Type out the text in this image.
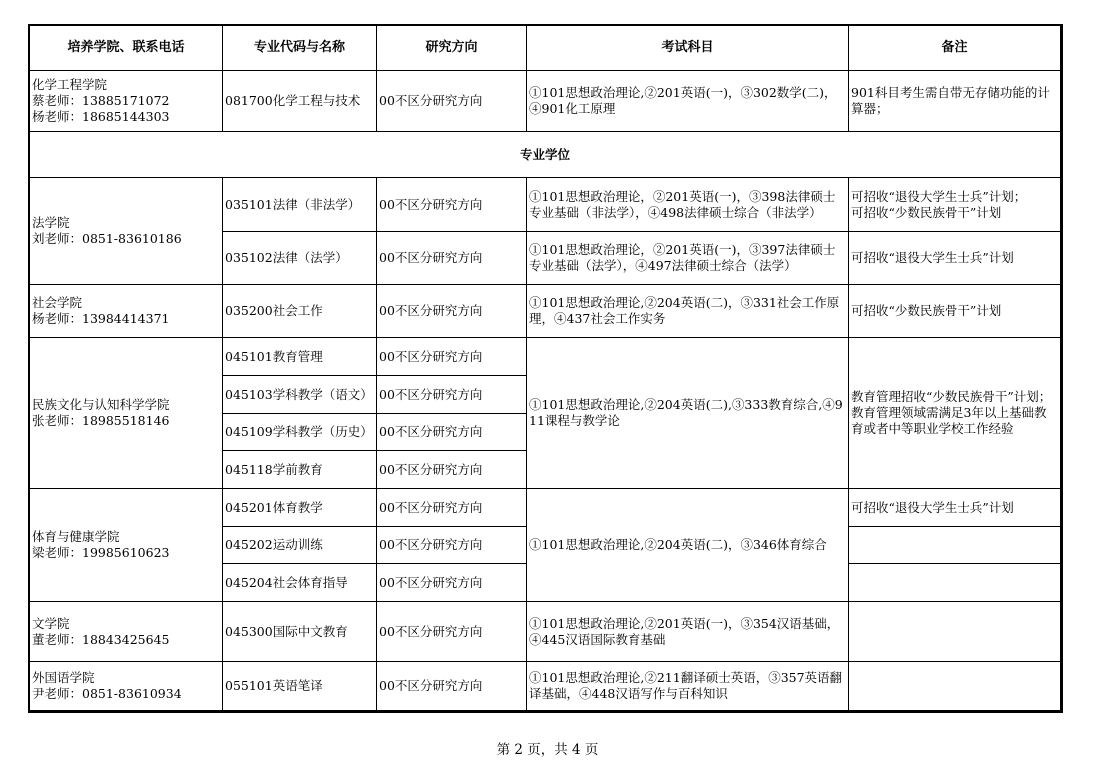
培养学院、联系电话	专业代码与名称	研究方向	考试科目	备注

化学工程学院
蔡老师：13885171072
杨老师：18685144303	081700化学工程与技术	00不区分研究方向	①101思想政治理论,②201英语(一)，③302数学(二)，④901化工原理	901科目考生需自带无存储功能的计算器；
专业学位				

法学院
刘老师：0851-83610186	035101法律（非法学）	00不区分研究方向	①101思想政治理论，②201英语(一)，③398法律硕士专业基础（非法学），④498法律硕士综合（非法学）	可招收“退役大学生士兵”计划；
可招收“少数民族骨干”计划

	035102法律（法学）	00不区分研究方向	①101思想政治理论，②201英语(一)，③397法律硕士专业基础（法学），④497法律硕士综合（法学）	可招收“退役大学生士兵”计划

社会学院
杨老师：13984414371	035200社会工作	00不区分研究方向	①101思想政治理论,②204英语(二)，③331社会工作原理，④437社会工作实务	可招收“少数民族骨干”计划

民族文化与认知科学学院
张老师：18985518146	045101教育管理	00不区分研究方向	①101思想政治理论,②204英语(二),③333教育综合,④911课程与教学论	教育管理招收“少数民族骨干”计划；
教育管理领域需满足3年以上基础教育或者中等职业学校工作经验

	045103学科教学（语文）	00不区分研究方向		
	045109学科教学（历史）	00不区分研究方向		
	045118学前教育	00不区分研究方向		

体育与健康学院
梁老师：19985610623	045201体育教学	00不区分研究方向	①101思想政治理论,②204英语(二)，③346体育综合	可招收“退役大学生士兵”计划
	045202运动训练	00不区分研究方向		
	045204社会体育指导	00不区分研究方向		

文学院
董老师：18843425645	045300国际中文教育	00不区分研究方向	①101思想政治理论,②201英语(一)，③354汉语基础，④445汉语国际教育基础	

外国语学院
尹老师：0851-83610934	055101英语笔译	00不区分研究方向	①101思想政治理论,②211翻译硕士英语，③357英语翻译基础，④448汉语写作与百科知识	
第 2 页，共 4 页
